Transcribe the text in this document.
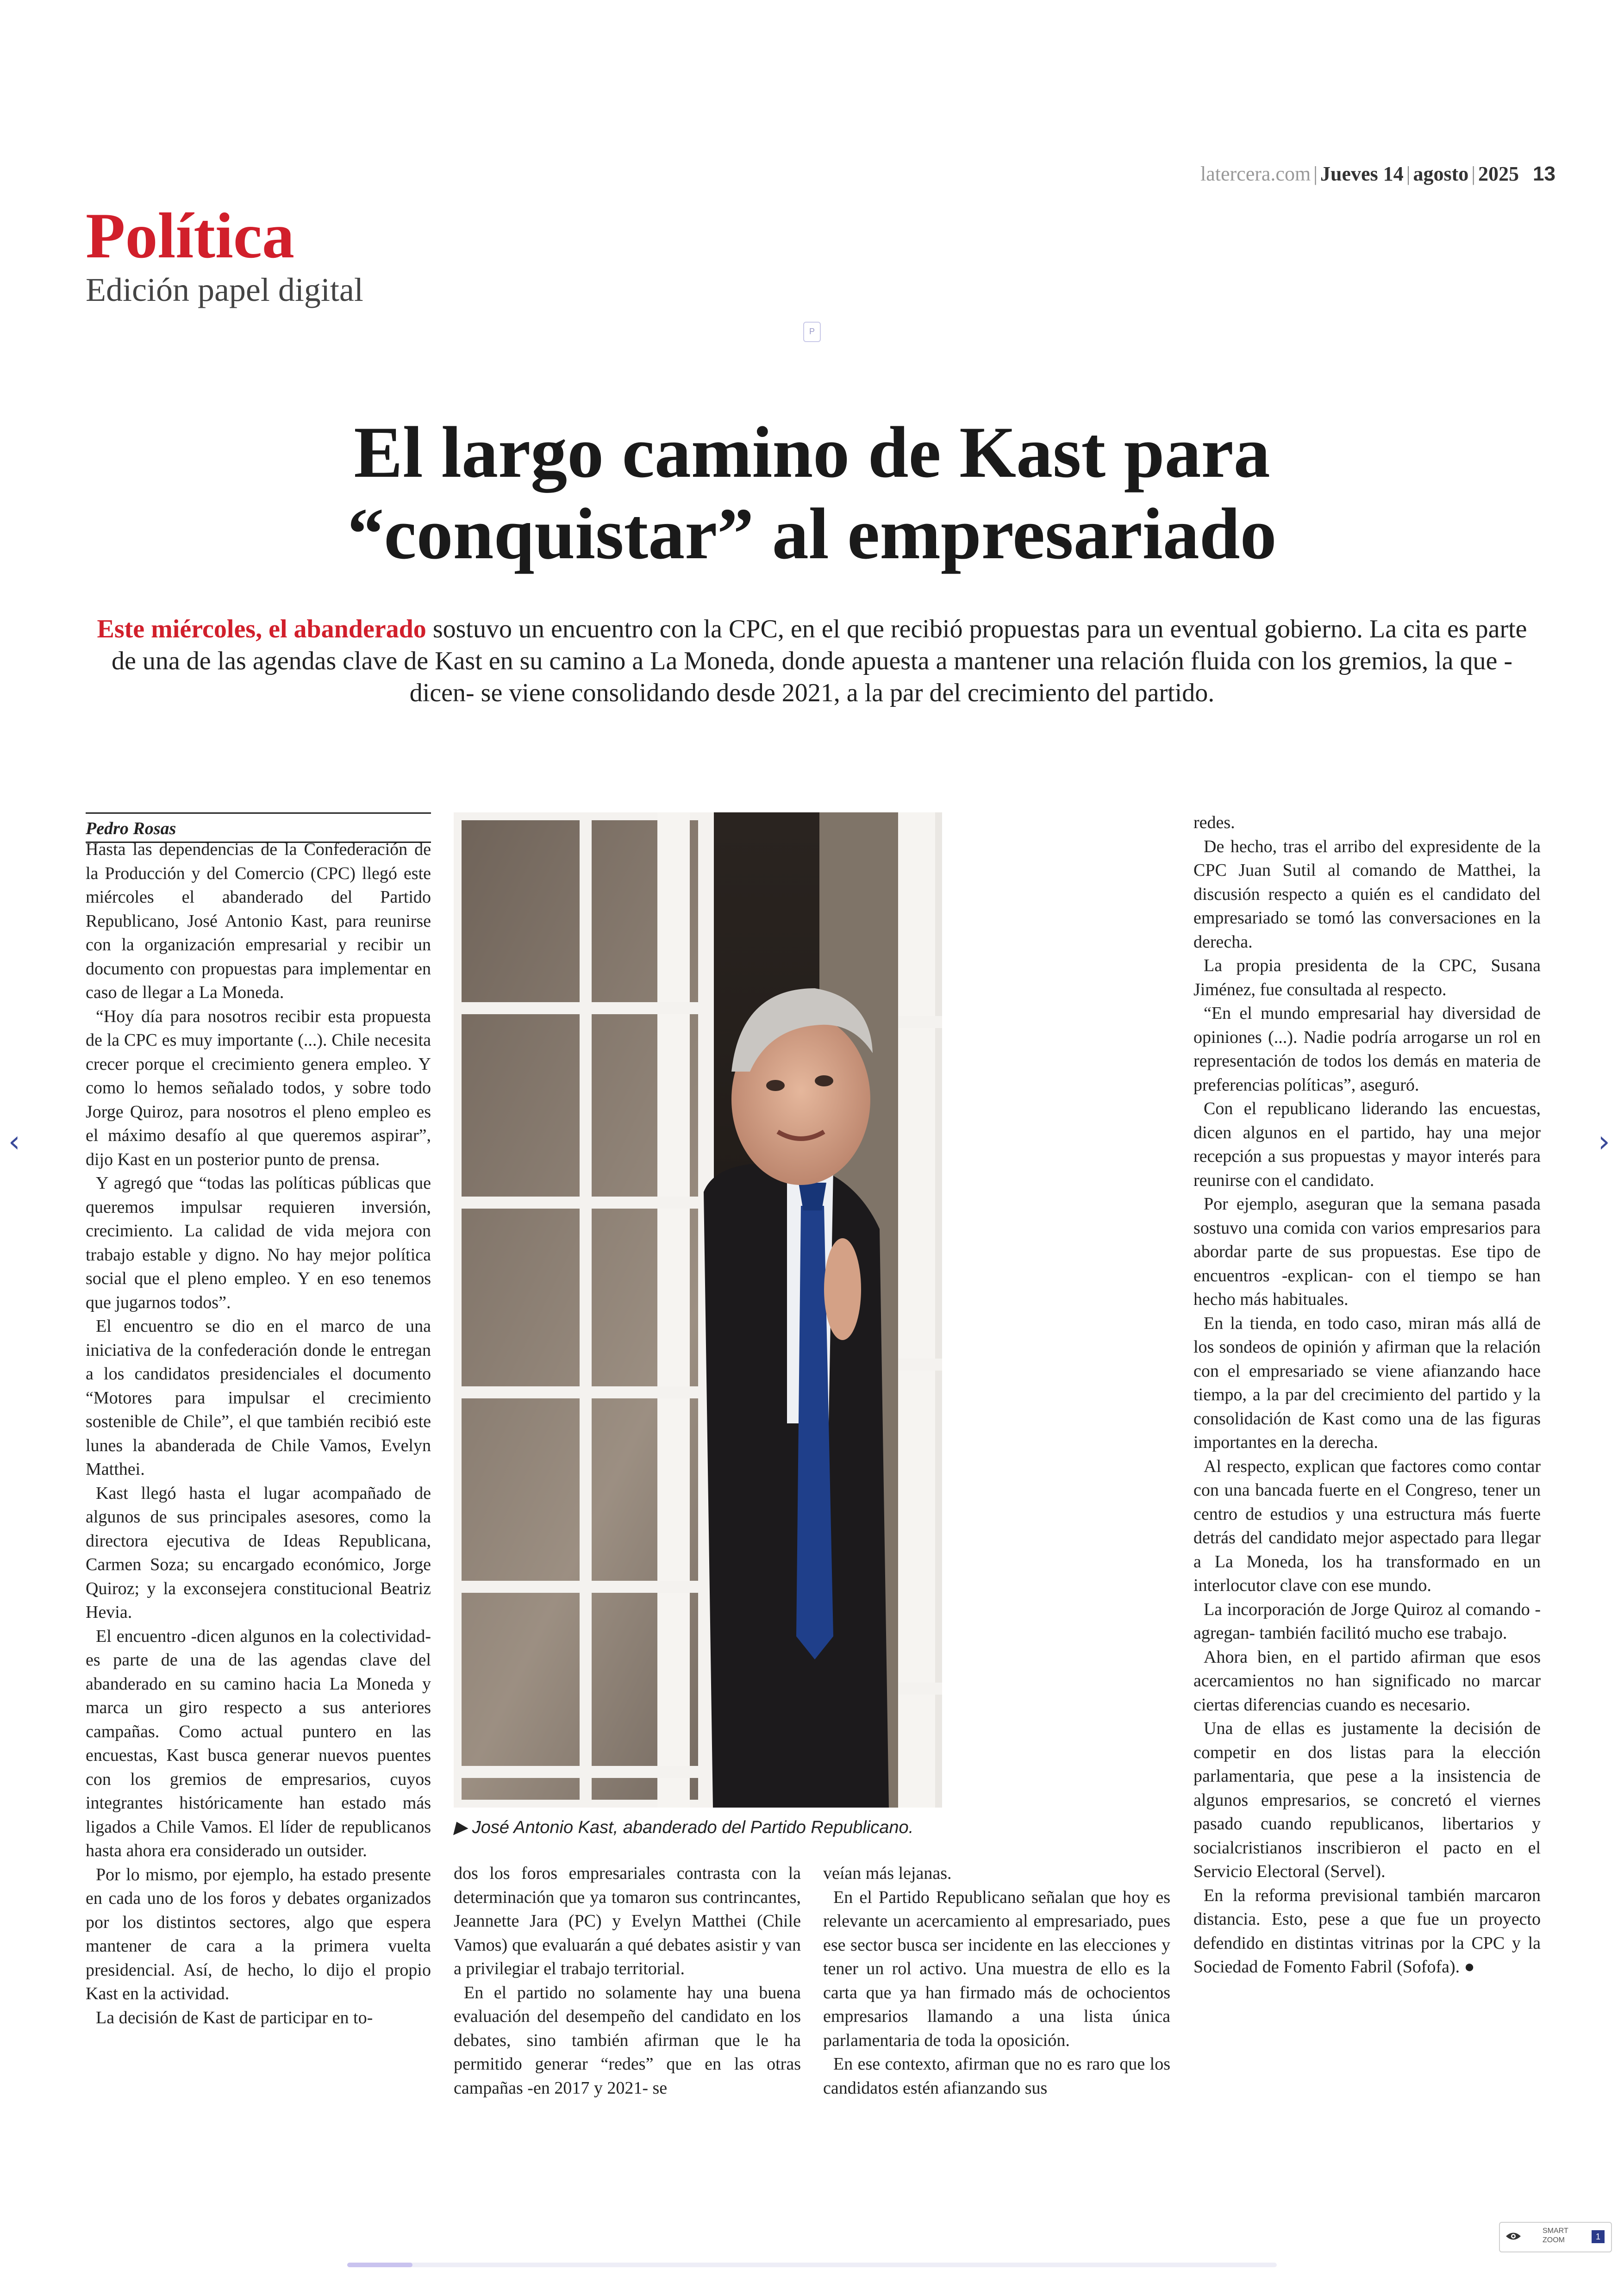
latercera.com | Jueves 14 | agosto | 2025 13
Política
Edición papel digital
P
El largo camino de Kast para
“conquistar” al empresariado
Este miércoles, el abanderado sostuvo un encuentro con la CPC, en el que recibió propuestas para un eventual gobierno. La cita es parte de una de las agendas clave de Kast en su camino a La Moneda, donde apuesta a mantener una relación fluida con los gremios, la que -dicen- se viene consolidando desde 2021, a la par del crecimiento del partido.
Pedro Rosas

Hasta las dependencias de la Confederación de la Producción y del Comercio (CPC) llegó este miércoles el abanderado del Partido Republicano, José Antonio Kast, para reunirse con la organización empresarial y recibir un documento con propuestas para implementar en caso de llegar a La Moneda.

“Hoy día para nosotros recibir esta propuesta de la CPC es muy importante (...). Chile necesita crecer porque el crecimiento genera empleo. Y como lo hemos señalado todos, y sobre todo Jorge Quiroz, para nosotros el pleno empleo es el máximo desafío al que queremos aspirar”, dijo Kast en un posterior punto de prensa.

Y agregó que “todas las políticas públicas que queremos impulsar requieren inversión, crecimiento. La calidad de vida mejora con trabajo estable y digno. No hay mejor política social que el pleno empleo. Y en eso tenemos que jugarnos todos”.

El encuentro se dio en el marco de una iniciativa de la confederación donde le entregan a los candidatos presidenciales el documento “Motores para impulsar el crecimiento sostenible de Chile”, el que también recibió este lunes la abanderada de Chile Vamos, Evelyn Matthei.

Kast llegó hasta el lugar acompañado de algunos de sus principales asesores, como la directora ejecutiva de Ideas Republicana, Carmen Soza; su encargado económico, Jorge Quiroz; y la exconsejera constitucional Beatriz Hevia.

El encuentro -dicen algunos en la colectividad- es parte de una de las agendas clave del abanderado en su camino hacia La Moneda y marca un giro respecto a sus anteriores campañas. Como actual puntero en las encuestas, Kast busca generar nuevos puentes con los gremios de empresarios, cuyos integrantes históricamente han estado más ligados a Chile Vamos. El líder de republicanos hasta ahora era considerado un outsider.

Por lo mismo, por ejemplo, ha estado presente en cada uno de los foros y debates organizados por los distintos sectores, algo que espera mantener de cara a la primera vuelta presidencial. Así, de hecho, lo dijo el propio Kast en la actividad.

La decisión de Kast de participar en to-

▶ José Antonio Kast, abanderado del Partido Republicano.

dos los foros empresariales contrasta con la determinación que ya tomaron sus contrincantes, Jeannette Jara (PC) y Evelyn Matthei (Chile Vamos) que evaluarán a qué debates asistir y van a privilegiar el trabajo territorial.

En el partido no solamente hay una buena evaluación del desempeño del candidato en los debates, sino también afirman que le ha permitido generar “redes” que en las otras campañas -en 2017 y 2021- se

veían más lejanas.

En el Partido Republicano señalan que hoy es relevante un acercamiento al empresariado, pues ese sector busca ser incidente en las elecciones y tener un rol activo. Una muestra de ello es la carta que ya han firmado más de ochocientos empresarios llamando a una lista única parlamentaria de toda la oposición.

En ese contexto, afirman que no es raro que los candidatos estén afianzando sus

redes.

De hecho, tras el arribo del expresidente de la CPC Juan Sutil al comando de Matthei, la discusión respecto a quién es el candidato del empresariado se tomó las conversaciones en la derecha.

La propia presidenta de la CPC, Susana Jiménez, fue consultada al respecto.

“En el mundo empresarial hay diversidad de opiniones (...). Nadie podría arrogarse un rol en representación de todos los demás en materia de preferencias políticas”, aseguró.

Con el republicano liderando las encuestas, dicen algunos en el partido, hay una mejor recepción a sus propuestas y mayor interés para reunirse con el candidato.

Por ejemplo, aseguran que la semana pasada sostuvo una comida con varios empresarios para abordar parte de sus propuestas. Ese tipo de encuentros -explican- con el tiempo se han hecho más habituales.

En la tienda, en todo caso, miran más allá de los sondeos de opinión y afirman que la relación con el empresariado se viene afianzando hace tiempo, a la par del crecimiento del partido y la consolidación de Kast como una de las figuras importantes en la derecha.

Al respecto, explican que factores como contar con una bancada fuerte en el Congreso, tener un centro de estudios y una estructura más fuerte detrás del candidato mejor aspectado para llegar a La Moneda, los ha transformado en un interlocutor clave con ese mundo.

La incorporación de Jorge Quiroz al comando -agregan- también facilitó mucho ese trabajo.

Ahora bien, en el partido afirman que esos acercamientos no han significado no marcar ciertas diferencias cuando es necesario.

Una de ellas es justamente la decisión de competir en dos listas para la elección parlamentaria, que pese a la insistencia de algunos empresarios, se concretó el viernes pasado cuando republicanos, libertarios y socialcristianos inscribieron el pacto en el Servicio Electoral (Servel).

En la reforma previsional también marcaron distancia. Esto, pese a que fue un proyecto defendido en distintas vitrinas por la CPC y la Sociedad de Fomento Fabril (Sofofa). ●

‹	›
SMART
ZOOM	1
